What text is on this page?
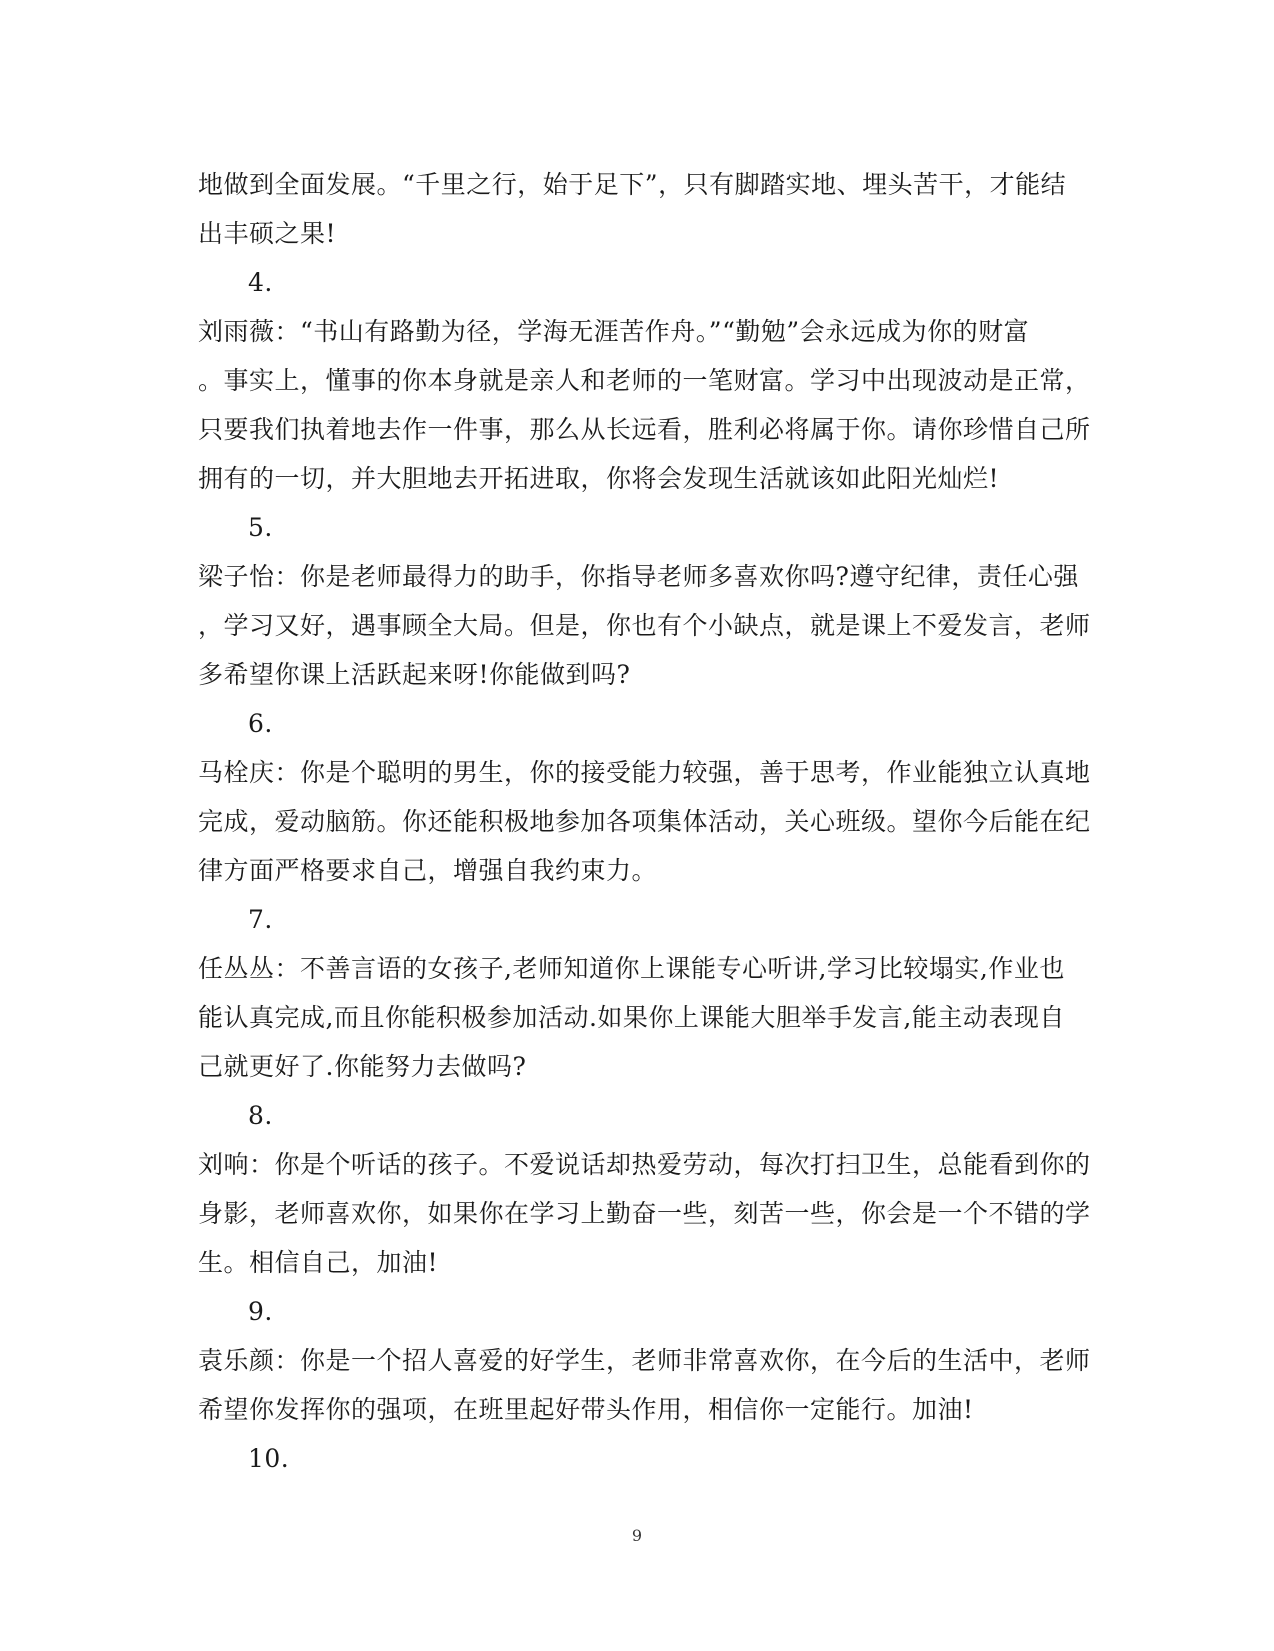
地做到全面发展。“千里之行，始于足下”，只有脚踏实地、埋头苦干，才能结
出丰硕之果!
4.
刘雨薇：“书山有路勤为径，学海无涯苦作舟。”“勤勉”会永远成为你的财富
。事实上，懂事的你本身就是亲人和老师的一笔财富。学习中出现波动是正常，
只要我们执着地去作一件事，那么从长远看，胜利必将属于你。请你珍惜自己所
拥有的一切，并大胆地去开拓进取，你将会发现生活就该如此阳光灿烂!
5.
梁子怡：你是老师最得力的助手，你指导老师多喜欢你吗?遵守纪律，责任心强
，学习又好，遇事顾全大局。但是，你也有个小缺点，就是课上不爱发言，老师
多希望你课上活跃起来呀!你能做到吗?
6.
马栓庆：你是个聪明的男生，你的接受能力较强，善于思考，作业能独立认真地
完成，爱动脑筋。你还能积极地参加各项集体活动，关心班级。望你今后能在纪
律方面严格要求自己，增强自我约束力。
7.
任丛丛：不善言语的女孩子,老师知道你上课能专心听讲,学习比较塌实,作业也
能认真完成,而且你能积极参加活动.如果你上课能大胆举手发言,能主动表现自
己就更好了.你能努力去做吗?
8.
刘响：你是个听话的孩子。不爱说话却热爱劳动，每次打扫卫生，总能看到你的
身影，老师喜欢你，如果你在学习上勤奋一些，刻苦一些，你会是一个不错的学
生。相信自己，加油!
9.
袁乐颜：你是一个招人喜爱的好学生，老师非常喜欢你，在今后的生活中，老师
希望你发挥你的强项，在班里起好带头作用，相信你一定能行。加油!
10.
9
